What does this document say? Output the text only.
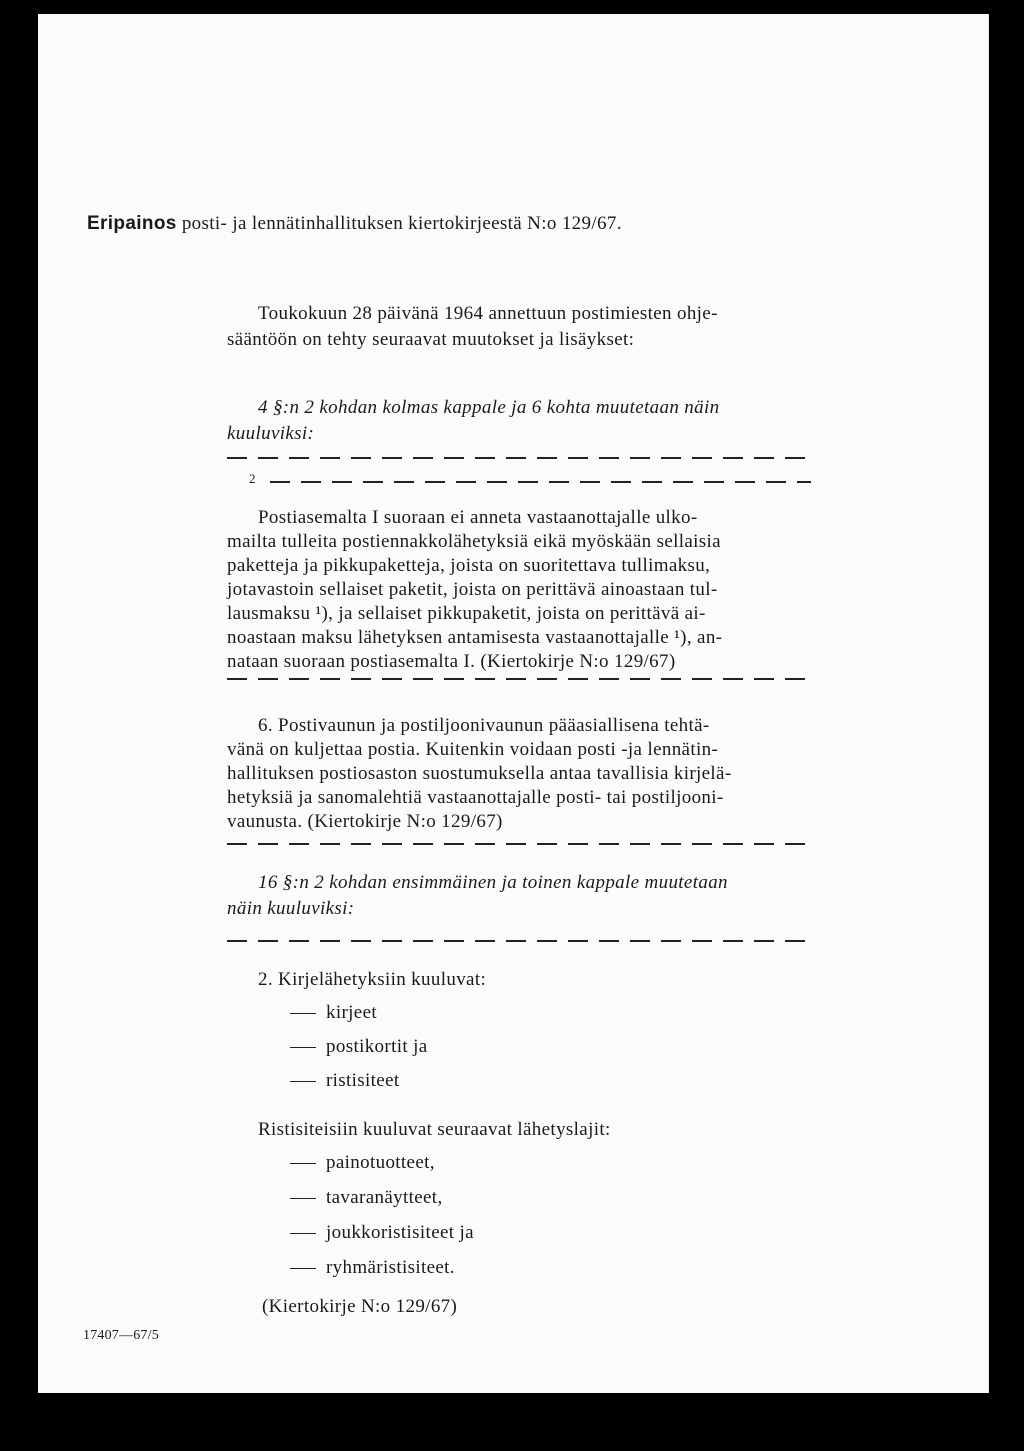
Eripainos posti- ja lennätinhallituksen kiertokirjeestä N:o 129/67.
Toukokuun 28 päivänä 1964 annettuun postimiesten ohje-
sääntöön on tehty seuraavat muutokset ja lisäykset:
4 §:n 2 kohdan kolmas kappale ja 6 kohta muutetaan näin
kuuluviksi:
2
Postiasemalta I suoraan ei anneta vastaanottajalle ulko-
mailta tulleita postiennakkolähetyksiä eikä myöskään sellaisia
paketteja ja pikkupaketteja, joista on suoritettava tullimaksu,
jotavastoin sellaiset paketit, joista on perittävä ainoastaan tul-
lausmaksu ¹), ja sellaiset pikkupaketit, joista on perittävä ai-
noastaan maksu lähetyksen antamisesta vastaanottajalle ¹), an-
nataan suoraan postiasemalta I. (Kiertokirje N:o 129/67)
6. Postivaunun ja postiljoonivaunun pääasiallisena tehtä-
vänä on kuljettaa postia. Kuitenkin voidaan posti -ja lennätin-
hallituksen postiosaston suostumuksella antaa tavallisia kirjelä-
hetyksiä ja sanomalehtiä vastaanottajalle posti- tai postiljooni-
vaunusta. (Kiertokirje N:o 129/67)
16 §:n 2 kohdan ensimmäinen ja toinen kappale muutetaan
näin kuuluviksi:
2. Kirjelähetyksiin kuuluvat:
kirjeet
postikortit ja
ristisiteet
Ristisiteisiin kuuluvat seuraavat lähetyslajit:
painotuotteet,
tavaranäytteet,
joukkoristisiteet ja
ryhmäristisiteet.
(Kiertokirje N:o 129/67)
17407—67/5
